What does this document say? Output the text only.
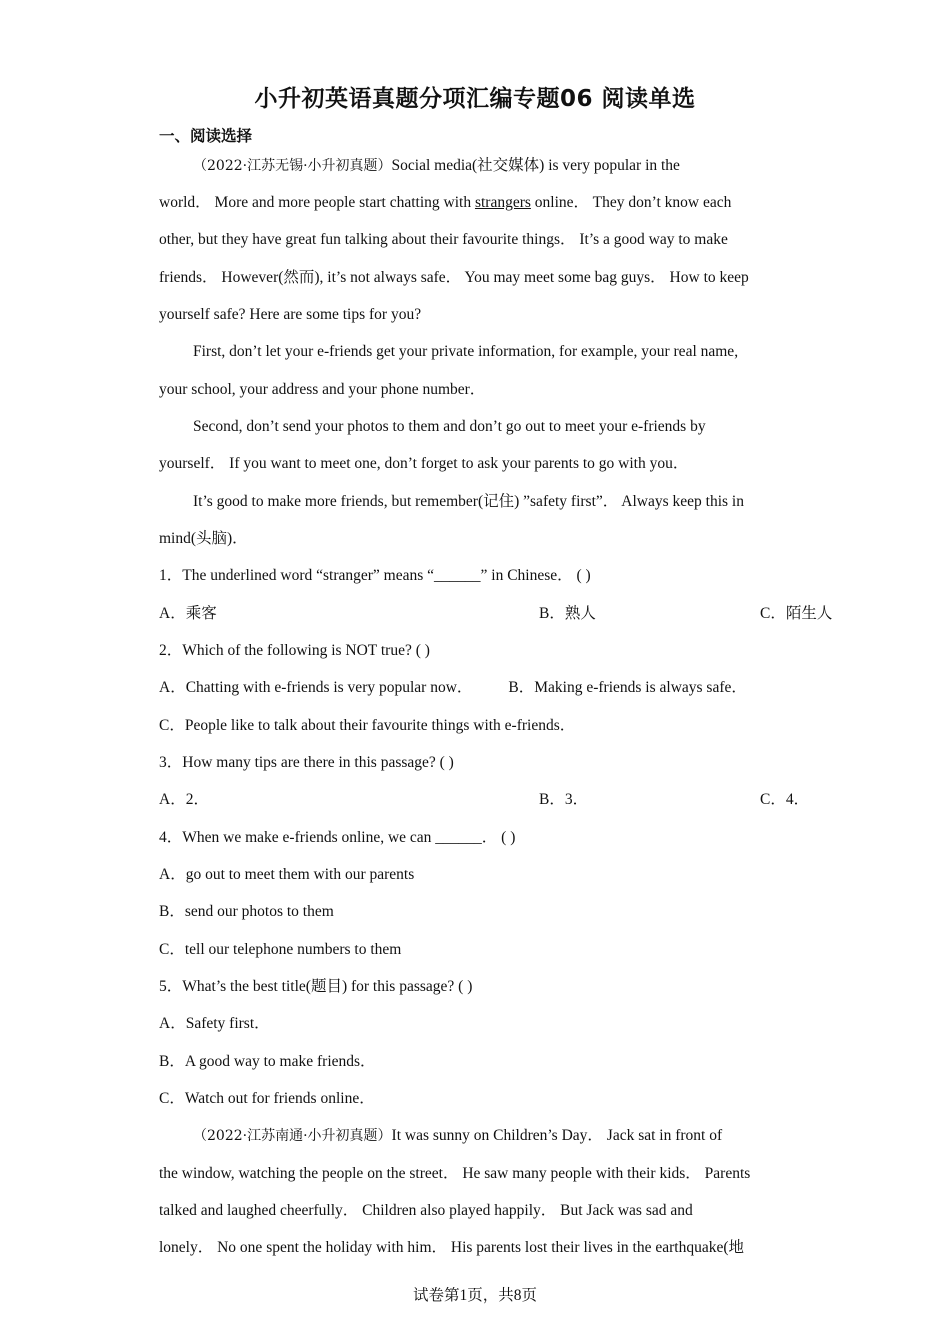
小升初英语真题分项汇编专题06 阅读单选
一、阅读选择
（2022·江苏无锡·小升初真题）Social media(社交媒体) is very popular in the
world． More and more people start chatting with strangers online． They don’t know each
other, but they have great fun talking about their favourite things． It’s a good way to make
friends． However(然而), it’s not always safe． You may meet some bag guys． How to keep
yourself safe? Here are some tips for you?
First, don’t let your e-friends get your private information, for example, your real name,
your school, your address and your phone number．
Second, don’t send your photos to them and don’t go out to meet your e-friends by
yourself． If you want to meet one, don’t forget to ask your parents to go with you．
It’s good to make more friends, but remember(记住) ”safety first”． Always keep this in
mind(头脑)．
1．The underlined word “stranger” means “______” in Chinese． ( )
A．乘客	B．熟人	C．陌生人
2．Which of the following is NOT true? ( )
A．Chatting with e-friends is very popular now． B．Making e-friends is always safe．
C．People like to talk about their favourite things with e-friends．
3．How many tips are there in this passage? ( )
A．2．	B．3．	C．4．
4．When we make e-friends online, we can ______． ( )
A．go out to meet them with our parents
B．send our photos to them
C．tell our telephone numbers to them
5．What’s the best title(题目) for this passage? ( )
A．Safety first．
B．A good way to make friends．
C．Watch out for friends online．
（2022·江苏南通·小升初真题）It was sunny on Children’s Day． Jack sat in front of
the window, watching the people on the street． He saw many people with their kids． Parents
talked and laughed cheerfully． Children also played happily． But Jack was sad and
lonely． No one spent the holiday with him． His parents lost their lives in the earthquake(地
试卷第1页，共8页
